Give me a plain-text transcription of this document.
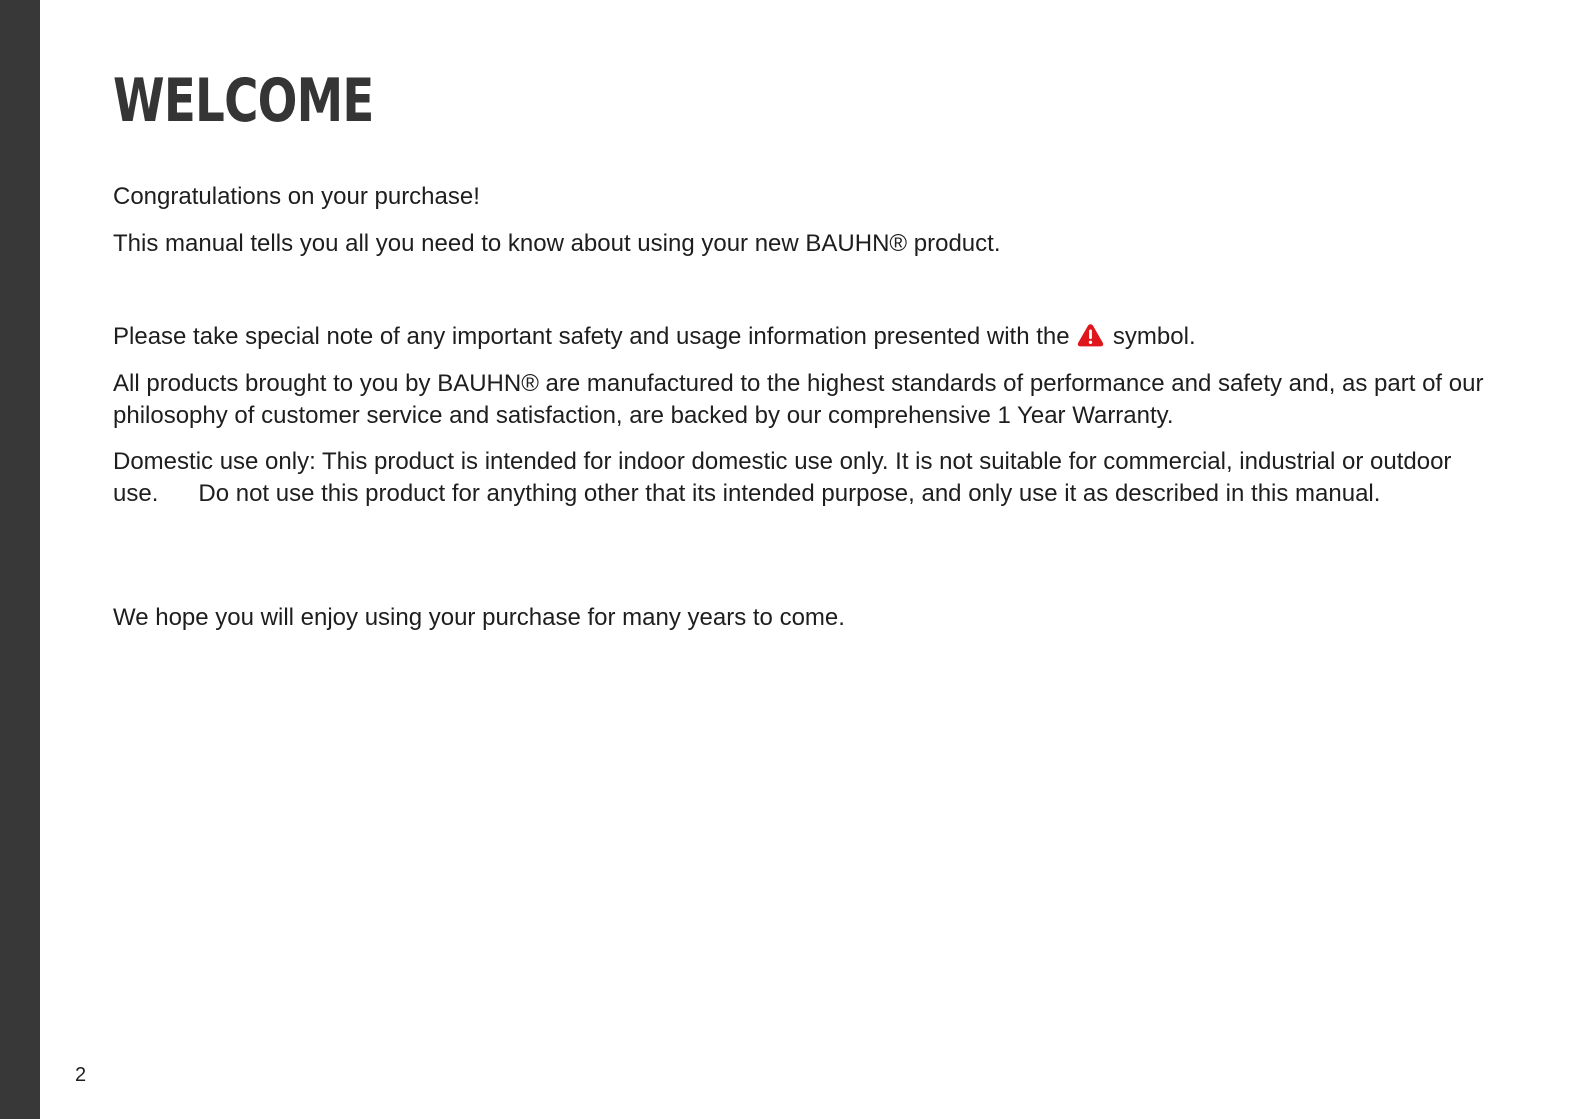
WELCOME

Congratulations on your purchase!

This manual tells you all you need to know about using your new BAUHN® product.

Please take special note of any important safety and usage information presented with the  symbol.

All products brought to you by BAUHN® are manufactured to the highest standards of performance and safety and, as part of our philosophy of customer service and satisfaction, are backed by our comprehensive 1 Year Warranty.

Domestic use only: This product is intended for indoor domestic use only. It is not suitable for commercial, industrial or outdoor use.      Do not use this product for anything other that its intended purpose, and only use it as described in this manual.

We hope you will enjoy using your purchase for many years to come.

2
